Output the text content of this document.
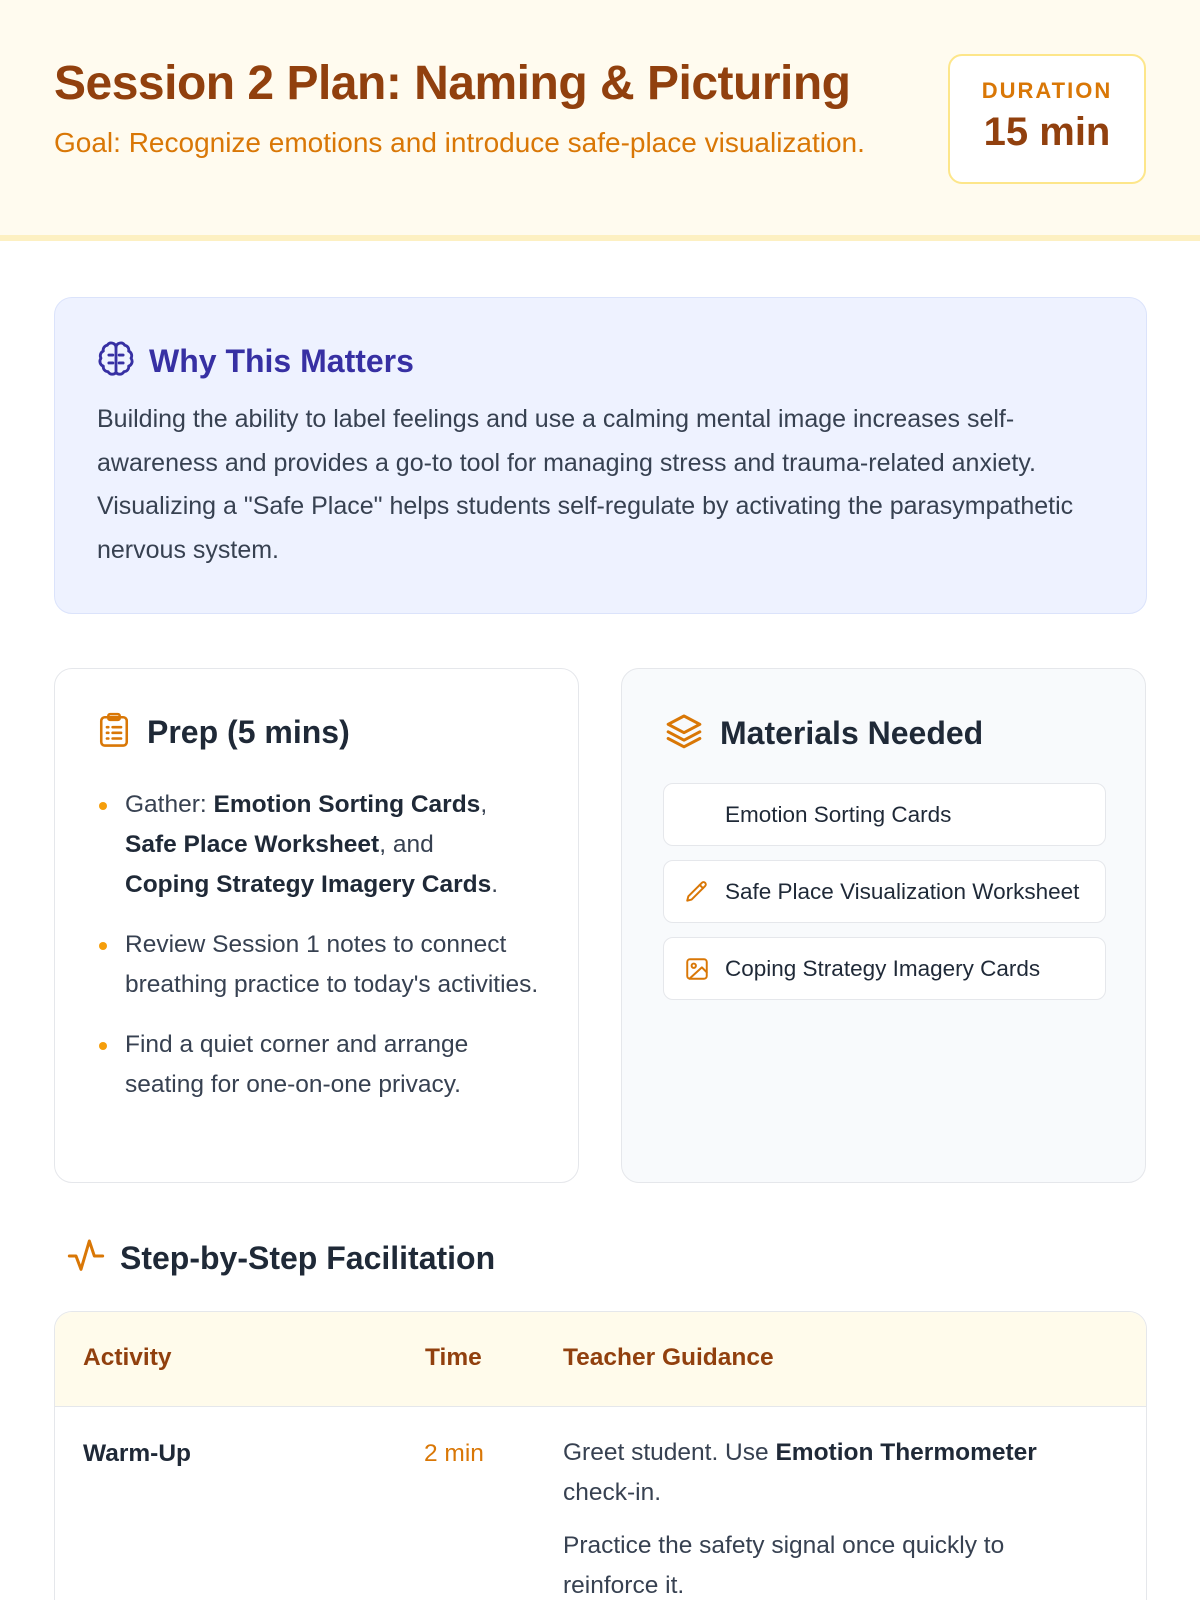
Session 2 Plan: Naming & Picturing
Goal: Recognize emotions and introduce safe-place visualization.
DURATION
15 min
Why This Matters

Building the ability to label feelings and use a calming mental image increases self-awareness and provides a go-to tool for managing stress and trauma-related anxiety. Visualizing a "Safe Place" helps students self-regulate by activating the parasympathetic nervous system.

Prep (5 mins)
Gather: Emotion Sorting Cards,
Safe Place Worksheet, and
Coping Strategy Imagery Cards.
Review Session 1 notes to connect breathing practice to today's activities.
Find a quiet corner and arrange seating for one-on-one privacy.
Materials Needed
Emotion Sorting Cards
Safe Place Visualization Worksheet
Coping Strategy Imagery Cards
Step-by-Step Facilitation
Activity	Time	Teacher Guidance
Warm-Up	2 min	Greet student. Use Emotion Thermometer
check-in.

Practice the safety signal once quickly to reinforce it.
